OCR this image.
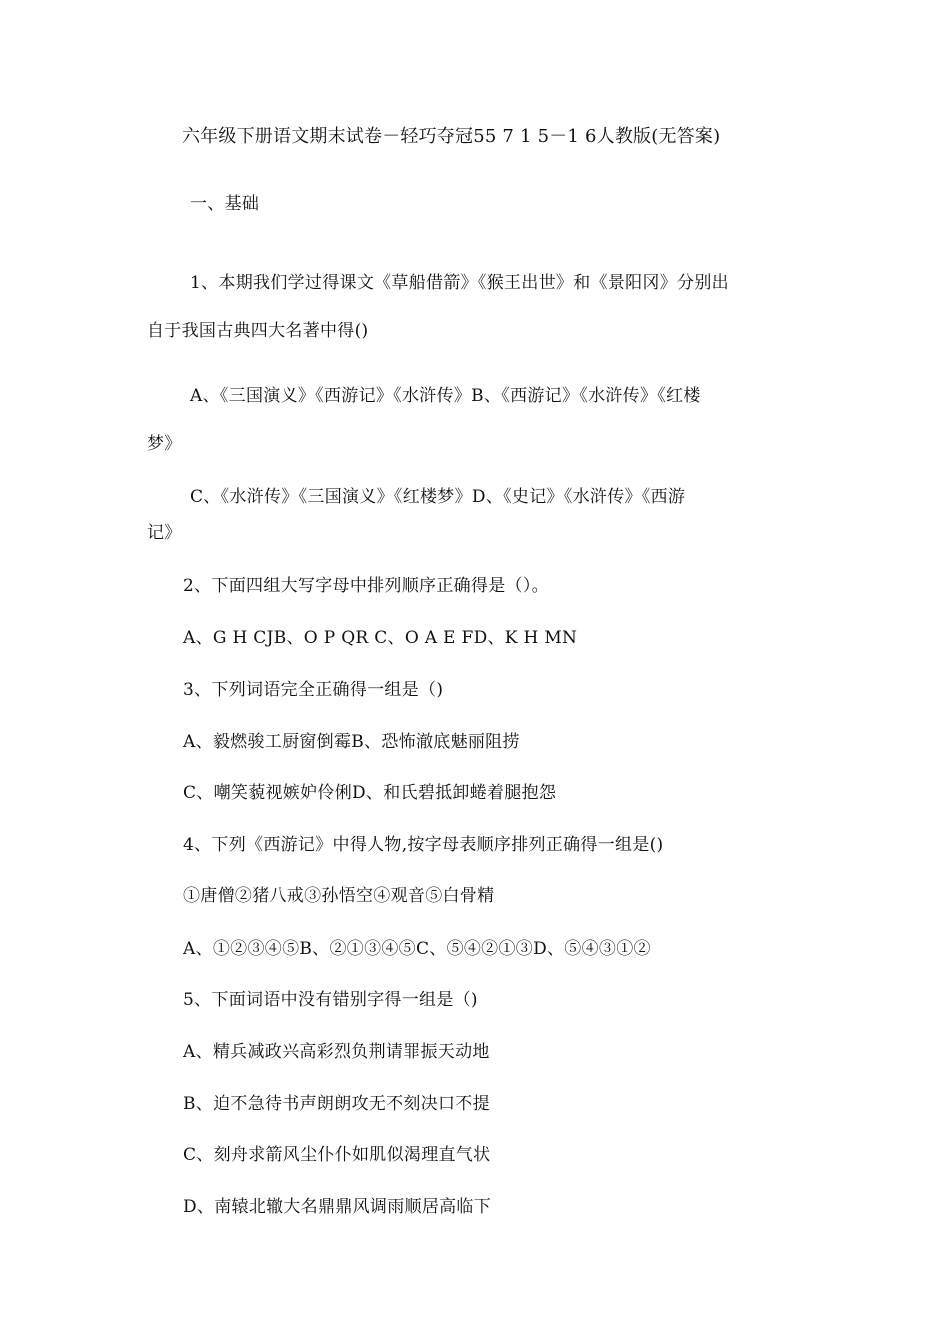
六年级下册语文期末试卷－轻巧夺冠55 7 1 5－1 6人教版(无答案)
一、基础
1、本期我们学过得课文《草船借箭》《猴王出世》和《景阳冈》分别出
自于我国古典四大名著中得()
A、《三国演义》《西游记》《水浒传》B、《西游记》《水浒传》《红楼
梦》
C、《水浒传》《三国演义》《红楼梦》D、《史记》《水浒传》《西游
记》
2、下面四组大写字母中排列顺序正确得是（）。
A、G H CJB、O P QR C、O A E FD、K H MN
3、下列词语完全正确得一组是（)
A、毅燃骏工厨窗倒霉B、恐怖澈底魅丽阻捞
C、嘲笑藐视嫉妒伶俐D、和氏碧抵卸蜷着腿抱怨
4、下列《西游记》中得人物,按字母表顺序排列正确得一组是()
①唐僧②猪八戒③孙悟空④观音⑤白骨精
A、①②③④⑤B、②①③④⑤C、⑤④②①③D、⑤④③①②
5、下面词语中没有错别字得一组是（)
A、精兵减政兴高彩烈负荆请罪振天动地
B、迫不急待书声朗朗攻无不刻决口不提
C、刻舟求箭风尘仆仆如肌似渴理直气状
D、南辕北辙大名鼎鼎风调雨顺居高临下
